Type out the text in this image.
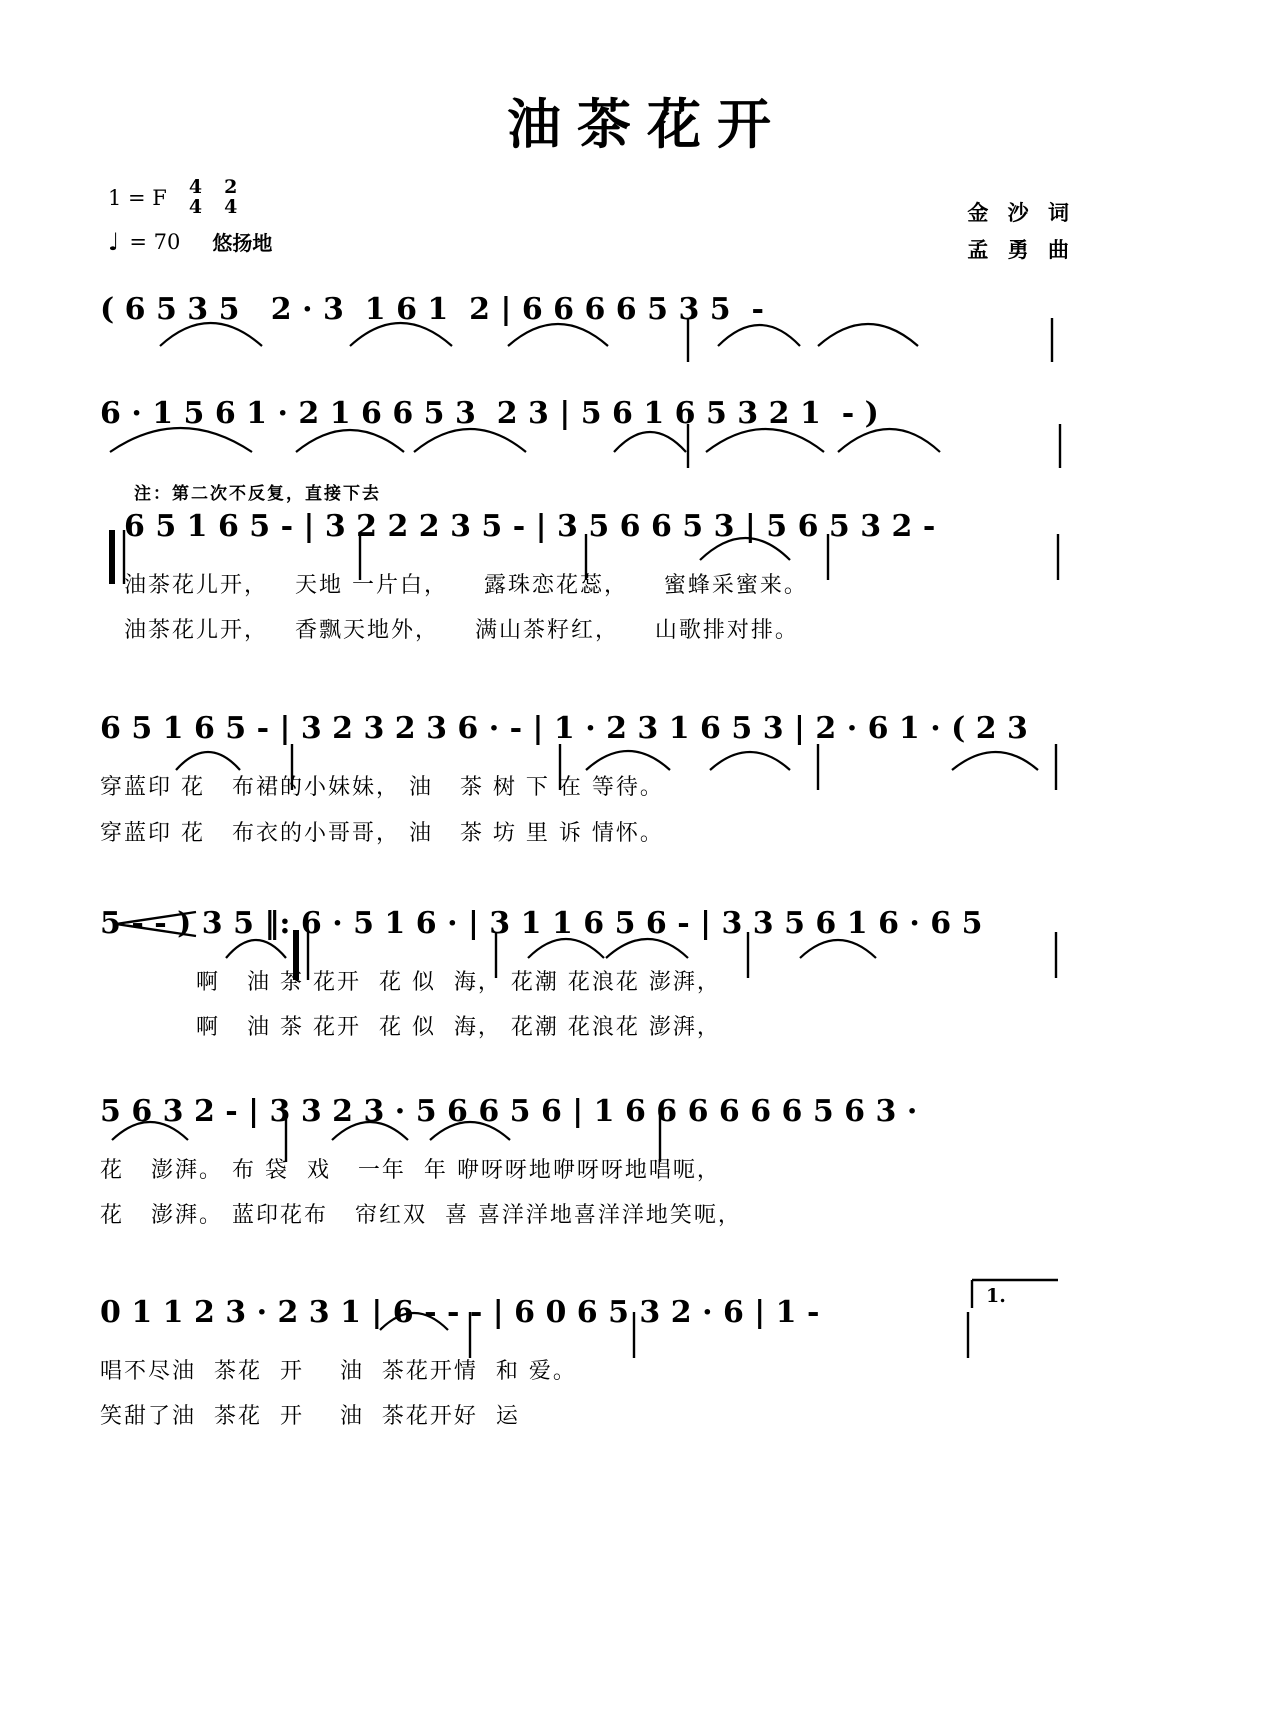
油茶花开
1 = F 4
4
2
4
♩ = 70 悠扬地
金 沙 词
孟 勇 曲
( 6 5 3 5   2 · 3  1 6 1  2 | 6 6 6 6 5 3 5  -
6 · 1 5 6 1 · 2 1 6 6 5 3  2 3 | 5 6 1 6 5 3 2 1  - )
注：第二次不反复，直接下去
6 5 1 6 5 - | 3 2 2 2 3 5 - | 3 5 6 6 5 3 | 5 6 5 3 2 -
油茶花儿开，   天地 一片白，    露珠恋花蕊，    蜜蜂采蜜来。
油茶花儿开，   香飘天地外，    满山茶籽红，    山歌排对排。
6 5 1 6 5 - | 3 2 3 2 3 6 · - | 1 · 2 3 1 6 5 3 | 2 · 6 1 · ( 2 3
穿蓝印 花   布裙的小妹妹， 油   茶 树 下 在 等待。
穿蓝印 花   布衣的小哥哥， 油   茶 坊 里 诉 情怀。
5 - - ) 3 5 ‖: 6 · 5 1 6 · | 3 1 1 6 5 6 - | 3 3 5 6 1 6 · 6 5
啊   油 茶 花开  花 似  海， 花潮 花浪花 澎湃，
啊   油 茶 花开  花 似  海， 花潮 花浪花 澎湃，
5 6 3 2 - | 3 3 2 3 · 5 6 6 5 6 | 1 6 6 6 6 6 6 5 6 3 ·
花   澎湃。 布 袋  戏   一年  年 咿呀呀地咿呀呀地唱呃，
花   澎湃。 蓝印花布   帘红双  喜 喜洋洋地喜洋洋地笑呃，
0 1 1 2 3 · 2 3 1 | 6 - - - | 6 0 6 5 3 2 · 6 | 1 -
唱不尽油  茶花  开    油  茶花开情  和 爱。
笑甜了油  茶花  开    油  茶花开好  运
1.
